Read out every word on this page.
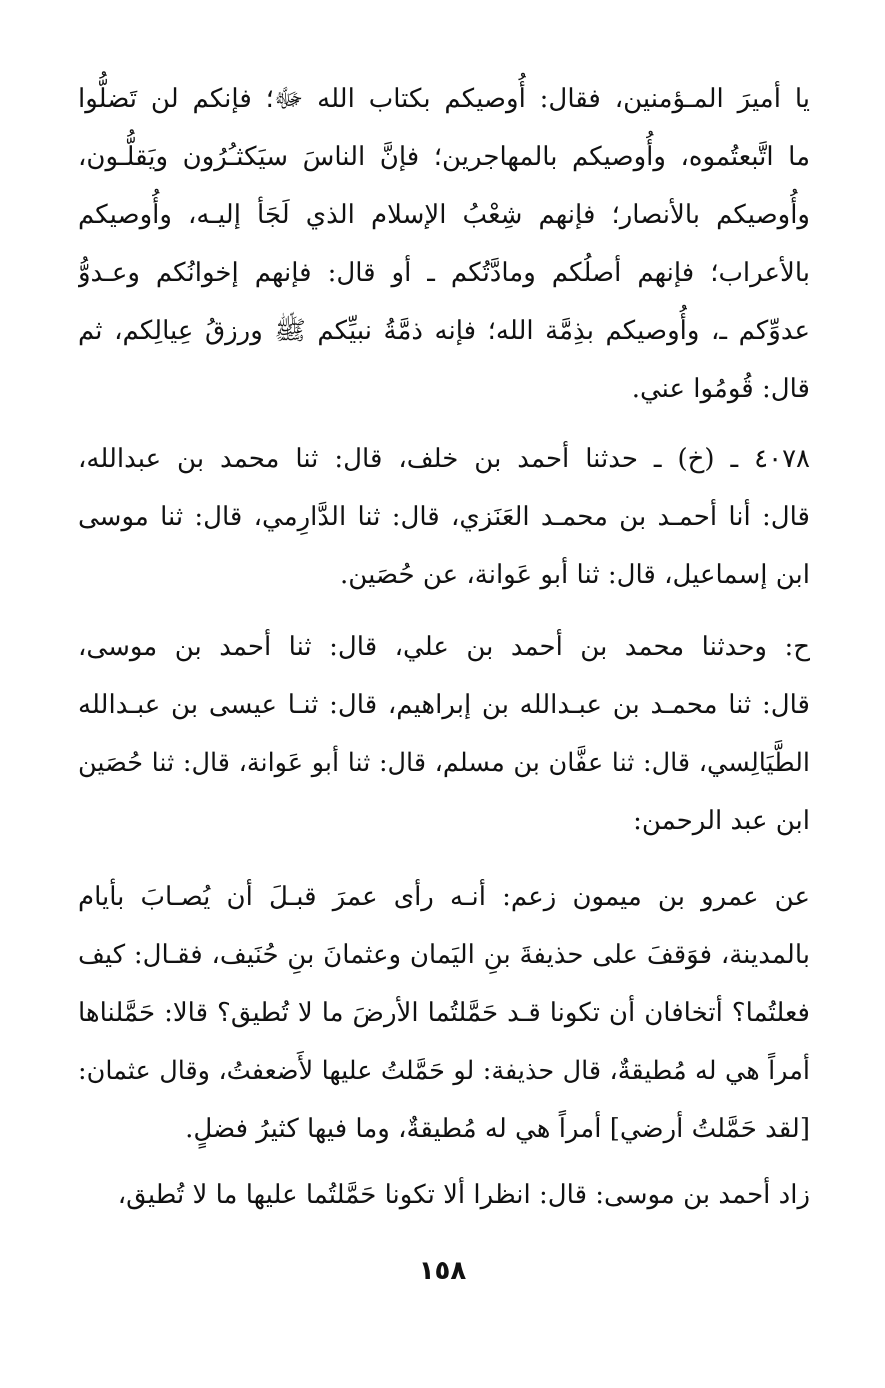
يا أميرَ المـؤمنين، فقال: أُوصيكم بكتاب الله ﷻ؛ فإنكم لن تَضلُّوا
ما اتَّبعتُموه، وأُوصيكم بالمهاجرين؛ فإنَّ الناسَ سيَكثـُرُون ويَقلُّـون،
وأُوصيكم بالأنصار؛ فإنهم شِعْبُ الإسلام الذي لَجَأ إليـه، وأُوصيكم
بالأعراب؛ فإنهم أصلُكم ومادَّتُكم ـ أو قال: فإنهم إخوانُكم وعـدوُّ
عدوِّكم ـ، وأُوصيكم بذِمَّة الله؛ فإنه ذمَّةُ نبيِّكم ﷺ ورزقُ عِيالِكم، ثم
قال: قُومُوا عني.
٤٠٧٨ ـ (خ) ـ حدثنا أحمد بن خلف، قال: ثنا محمد بن عبدالله،
قال: أنا أحمـد بن محمـد العَنَزي، قال: ثنا الدَّارِمي، قال: ثنا موسى
ابن إسماعيل، قال: ثنا أبو عَوانة، عن حُصَين.
ح: وحدثنا محمد بن أحمد بن علي، قال: ثنا أحمد بن موسى،
قال: ثنا محمـد بن عبـدالله بن إبراهيم، قال: ثنـا عيسى بن عبـدالله
الطَّيَالِسي، قال: ثنا عفَّان بن مسلم، قال: ثنا أبو عَوانة، قال: ثنا حُصَين
ابن عبد الرحمن:
عن عمرو بن ميمون زعم: أنـه رأى عمرَ قبـلَ أن يُصـابَ بأيام
بالمدينة، فوَقفَ على حذيفةَ بنِ اليَمان وعثمانَ بنِ حُنَيف، فقـال: كيف
فعلتُما؟ أتخافان أن تكونا قـد حَمَّلتُما الأرضَ ما لا تُطيق؟ قالا: حَمَّلناها
أمراً هي له مُطيقةٌ، قال حذيفة: لو حَمَّلتُ عليها لأَضعفتُ، وقال عثمان:
[لقد حَمَّلتُ أرضي] أمراً هي له مُطيقةٌ، وما فيها كثيرُ فضلٍ.
زاد أحمد بن موسى: قال: انظرا ألا تكونا حَمَّلتُما عليها ما لا تُطيق،
١٥٨
